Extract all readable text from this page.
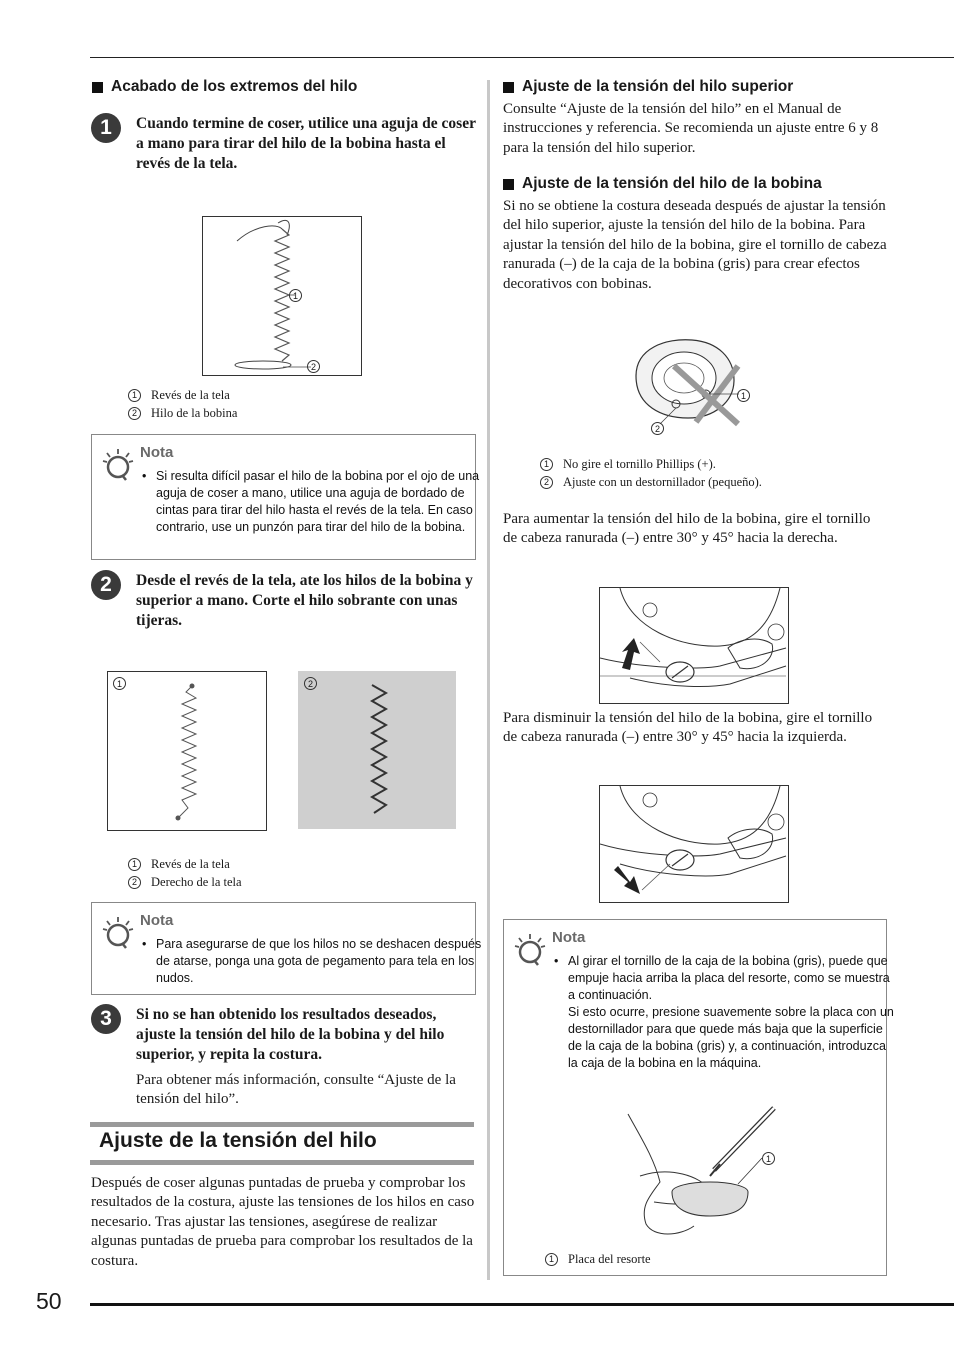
50
Acabado de los extremos del hilo
1	Cuando termine de coser, utilice una aguja de coser a mano para tirar del hilo de la bobina hasta el revés de la tela.
1
2
1	Revés de la tela
2	Hilo de la bobina
Nota
• Si resulta difícil pasar el hilo de la bobina por el ojo de una aguja de coser a mano, utilice una aguja de bordado de cintas para tirar del hilo hasta el revés de la tela. En caso contrario, use un punzón para tirar del hilo de la bobina.
2	Desde el revés de la tela, ate los hilos de la bobina y superior a mano. Corte el hilo sobrante con unas tijeras.
1	2
1	Revés de la tela
2	Derecho de la tela
Nota
• Para asegurarse de que los hilos no se deshacen después de atarse, ponga una gota de pegamento para tela en los nudos.
3	Si no se han obtenido los resultados deseados, ajuste la tensión del hilo de la bobina y del hilo superior, y repita la costura.
Para obtener más información, consulte “Ajuste de la tensión del hilo”.
Ajuste de la tensión del hilo
Después de coser algunas puntadas de prueba y comprobar los resultados de la costura, ajuste las tensiones de los hilos en caso necesario. Tras ajustar las tensiones, asegúrese de realizar algunas puntadas de prueba para comprobar los resultados de la costura.
Ajuste de la tensión del hilo superior
Consulte “Ajuste de la tensión del hilo” en el Manual de instrucciones y referencia. Se recomienda un ajuste entre 6 y 8 para la tensión del hilo superior.
Ajuste de la tensión del hilo de la bobina
Si no se obtiene la costura deseada después de ajustar la tensión del hilo superior, ajuste la tensión del hilo de la bobina. Para ajustar la tensión del hilo de la bobina, gire el tornillo de cabeza ranurada (–) de la caja de la bobina (gris) para crear efectos decorativos con bobinas.
1
2
1	No gire el tornillo Phillips (+).
2	Ajuste con un destornillador (pequeño).
Para aumentar la tensión del hilo de la bobina, gire el tornillo de cabeza ranurada (–) entre 30° y 45° hacia la derecha.
Para disminuir la tensión del hilo de la bobina, gire el tornillo de cabeza ranurada (–) entre 30° y 45° hacia la izquierda.
Nota
• Al girar el tornillo de la caja de la bobina (gris), puede que empuje hacia arriba la placa del resorte, como se muestra a continuación.
Si esto ocurre, presione suavemente sobre la placa con un destornillador para que quede más baja que la superficie de la caja de la bobina (gris) y, a continuación, introduzca la caja de la bobina en la máquina.
1
1	Placa del resorte
